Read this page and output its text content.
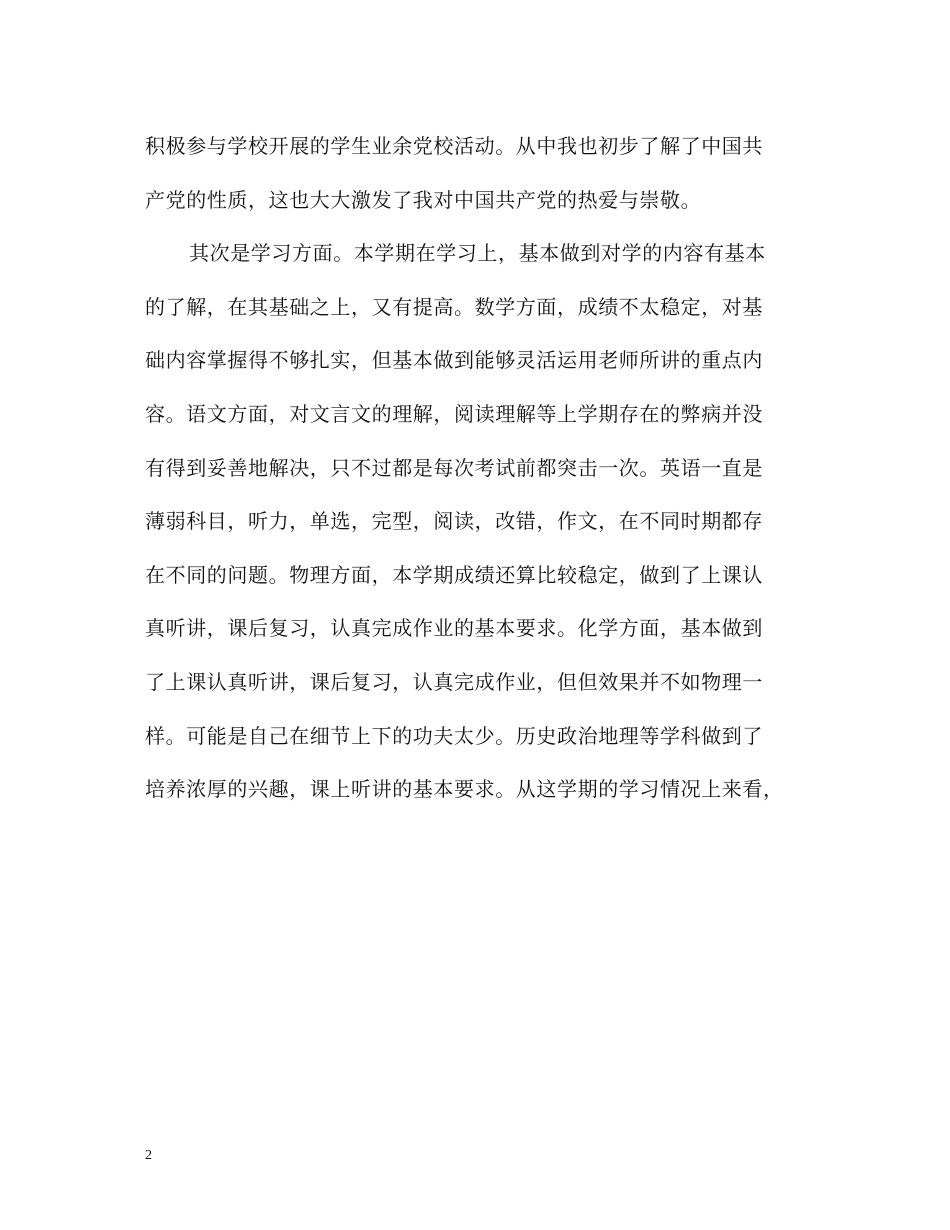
积极参与学校开展的学生业余党校活动。从中我也初步了解了中国共
产党的性质，这也大大激发了我对中国共产党的热爱与崇敬。
其次是学习方面。本学期在学习上，基本做到对学的内容有基本
的了解，在其基础之上，又有提高。数学方面，成绩不太稳定，对基
础内容掌握得不够扎实，但基本做到能够灵活运用老师所讲的重点内
容。语文方面，对文言文的理解，阅读理解等上学期存在的弊病并没
有得到妥善地解决，只不过都是每次考试前都突击一次。英语一直是
薄弱科目，听力，单选，完型，阅读，改错，作文，在不同时期都存
在不同的问题。物理方面，本学期成绩还算比较稳定，做到了上课认
真听讲，课后复习，认真完成作业的基本要求。化学方面，基本做到
了上课认真听讲，课后复习，认真完成作业，但但效果并不如物理一
样。可能是自己在细节上下的功夫太少。历史政治地理等学科做到了
培养浓厚的兴趣，课上听讲的基本要求。从这学期的学习情况上来看，
2
